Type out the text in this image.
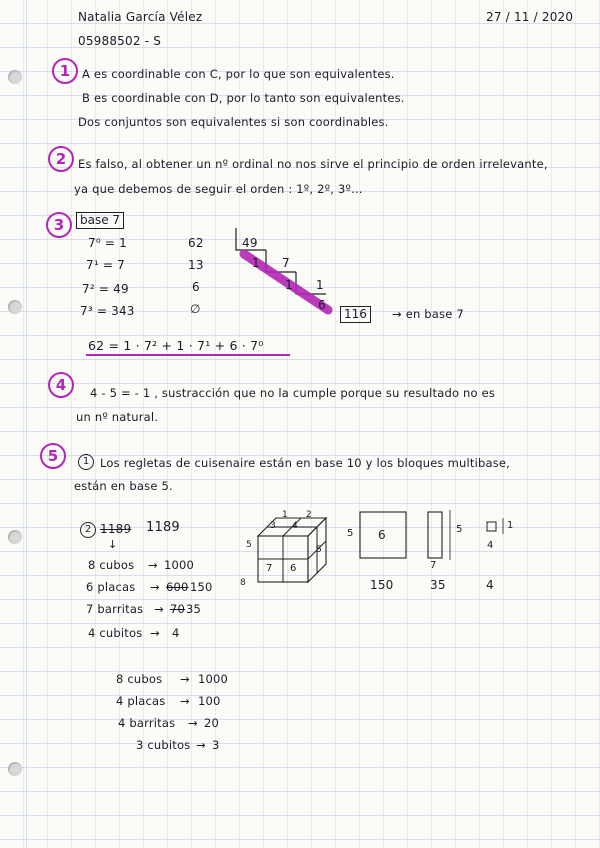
Natalia García Vélez	27 / 11 / 2020
05988502 - S
1	A es coordinable con C, por lo que son equivalentes.
B es coordinable con D, por lo tanto son equivalentes.
Dos conjuntos son equivalentes si son coordinables.
2	Es falso, al obtener un nº ordinal no nos sirve el principio de orden irrelevante,
ya que debemos de seguir el orden : 1º, 2º, 3º...
3	base 7
7⁰ = 1
7¹ = 7
7² = 49
7³ = 343
62
13
6
∅
49
7
1
1
1
6
116	→ en base 7
62 = 1 · 7² + 1 · 7¹ + 6 · 7⁰
4	4 - 5 = - 1 , sustracción que no la cumple porque su resultado no es
un nº natural.
5	1 Los regletas de cuisenaire están en base 10 y los bloques multibase,
están en base 5.
2 1189 1189
↓
8 cubos → 1000
6 placas → 600 150
7 barritas → 70 35
4 cubitos → 4
8 cubos → 1000
4 placas → 100
4 barritas → 20
3 cubitos → 3
1 2
3 4
5	5
7 6
8
6
5
150
5
7
35
1
4
4
